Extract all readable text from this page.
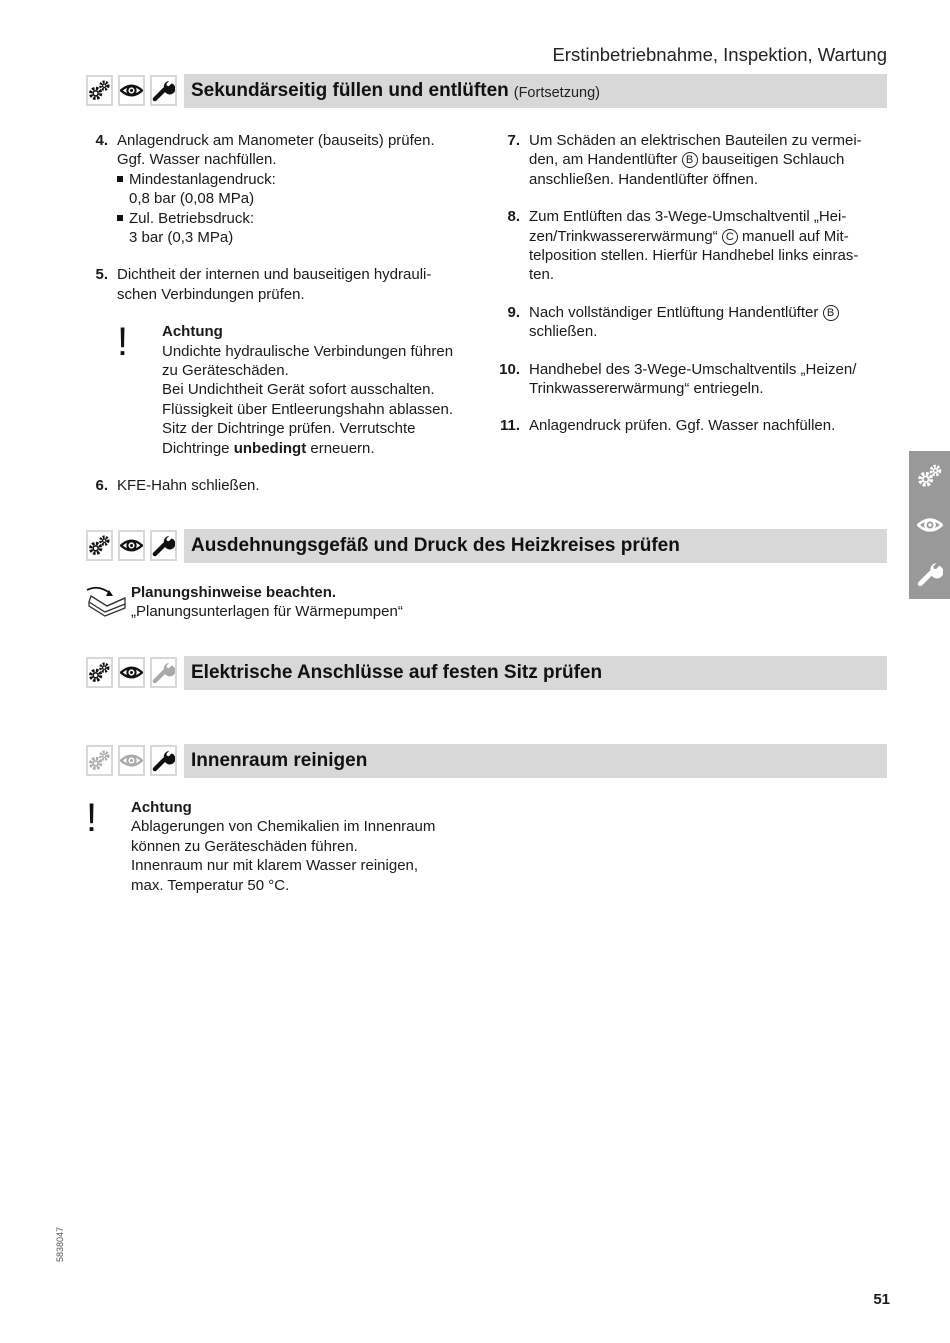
Erstinbetriebnahme, Inspektion, Wartung
Sekundärseitig füllen und entlüften (Fortsetzung)
4. Anlagendruck am Manometer (bauseits) prüfen.
Ggf. Wasser nachfüllen.
Mindestanlagendruck:
0,8 bar (0,08 MPa)
Zul. Betriebsdruck:
3 bar (0,3 MPa)
5. Dichtheit der internen und bauseitigen hydrauli-
schen Verbindungen prüfen.
!	Achtung
Undichte hydraulische Verbindungen führen
zu Geräteschäden.
Bei Undichtheit Gerät sofort ausschalten.
Flüssigkeit über Entleerungshahn ablassen.
Sitz der Dichtringe prüfen. Verrutschte
Dichtringe unbedingt erneuern.
6. KFE-Hahn schließen.
7. Um Schäden an elektrischen Bauteilen zu vermei-
den, am Handentlüfter B bauseitigen Schlauch
anschließen. Handentlüfter öffnen.
8. Zum Entlüften das 3-Wege-Umschaltventil „Hei-
zen/Trinkwassererwärmung“ C manuell auf Mit-
telposition stellen. Hierfür Handhebel links einras-
ten.
9. Nach vollständiger Entlüftung Handentlüfter B
schließen.
10. Handhebel des 3-Wege-Umschaltventils „Heizen/
Trinkwassererwärmung“ entriegeln.
11. Anlagendruck prüfen. Ggf. Wasser nachfüllen.
Ausdehnungsgefäß und Druck des Heizkreises prüfen
Planungshinweise beachten.
„Planungsunterlagen für Wärmepumpen“
Elektrische Anschlüsse auf festen Sitz prüfen
Innenraum reinigen
!	Achtung
Ablagerungen von Chemikalien im Innenraum
können zu Geräteschäden führen.
Innenraum nur mit klarem Wasser reinigen,
max. Temperatur 50 °C.
5838047
51
